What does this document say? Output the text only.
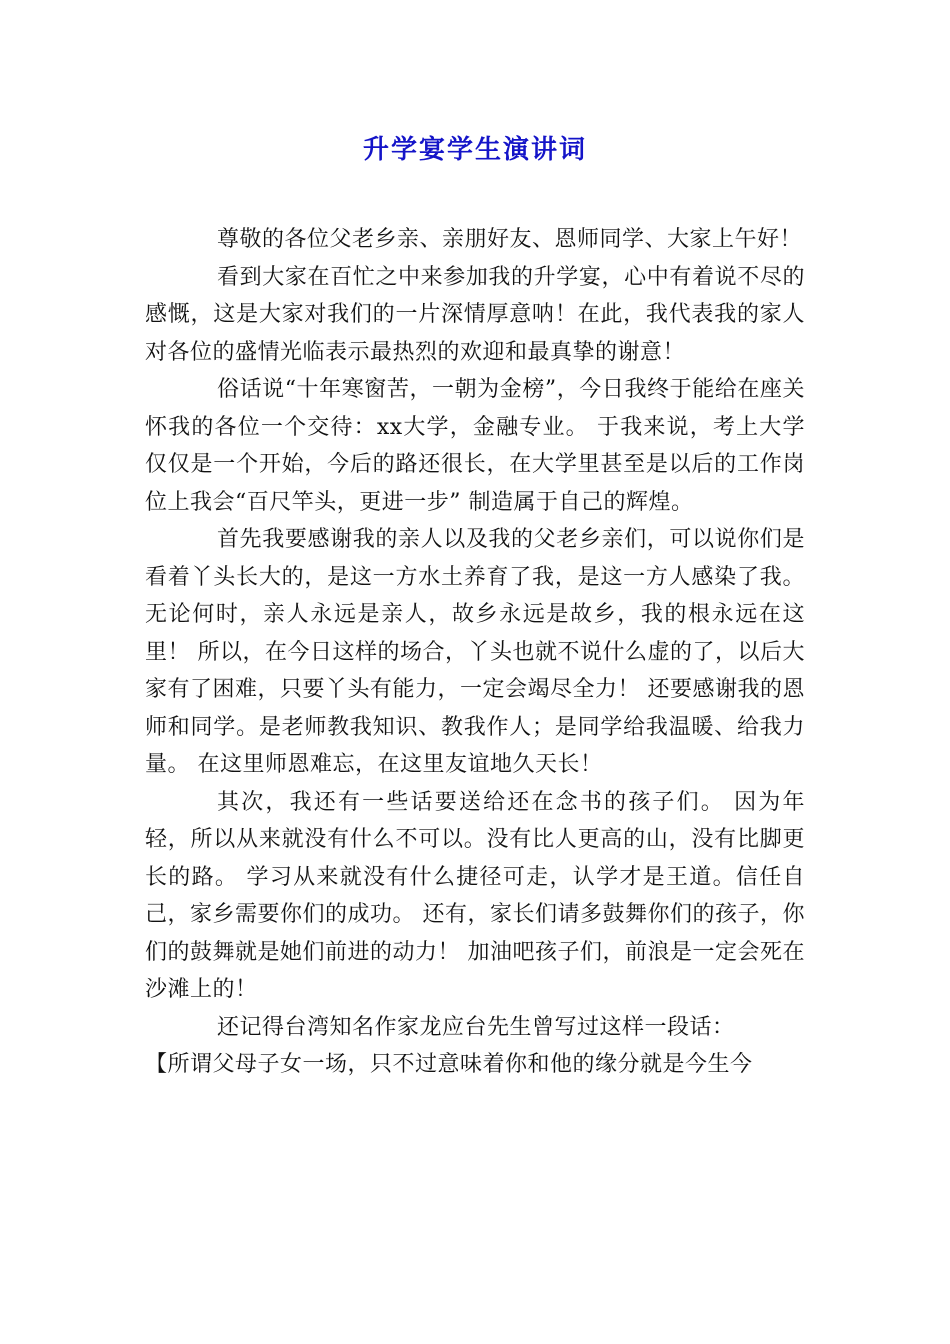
升学宴学生演讲词

尊敬的各位父老乡亲、亲朋好友、恩师同学、大家上午好！

看到大家在百忙之中来参加我的升学宴，心中有着说不尽的感慨，这是大家对我们的一片深情厚意呐！在此，我代表我的家人对各位的盛情光临表示最热烈的欢迎和最真挚的谢意！

俗话说“十年寒窗苦，一朝为金榜”，今日我终于能给在座关怀我的各位一个交待：xx大学，金融专业。 于我来说，考上大学仅仅是一个开始，今后的路还很长，在大学里甚至是以后的工作岗位上我会“百尺竿头，更进一步” 制造属于自己的辉煌。

首先我要感谢我的亲人以及我的父老乡亲们，可以说你们是看着丫头长大的，是这一方水土养育了我，是这一方人感染了我。 无论何时，亲人永远是亲人，故乡永远是故乡，我的根永远在这里！ 所以，在今日这样的场合，丫头也就不说什么虚的了，以后大家有了困难，只要丫头有能力，一定会竭尽全力！ 还要感谢我的恩师和同学。是老师教我知识、教我作人；是同学给我温暖、给我力量。 在这里师恩难忘，在这里友谊地久天长！

其次，我还有一些话要送给还在念书的孩子们。 因为年轻，所以从来就没有什么不可以。没有比人更高的山，没有比脚更长的路。 学习从来就没有什么捷径可走，认学才是王道。信任自己，家乡需要你们的成功。 还有，家长们请多鼓舞你们的孩子，你们的鼓舞就是她们前进的动力！ 加油吧孩子们，前浪是一定会死在沙滩上的！

还记得台湾知名作家龙应台先生曾写过这样一段话：

【所谓父母子女一场，只不过意味着你和他的缘分就是今生今
